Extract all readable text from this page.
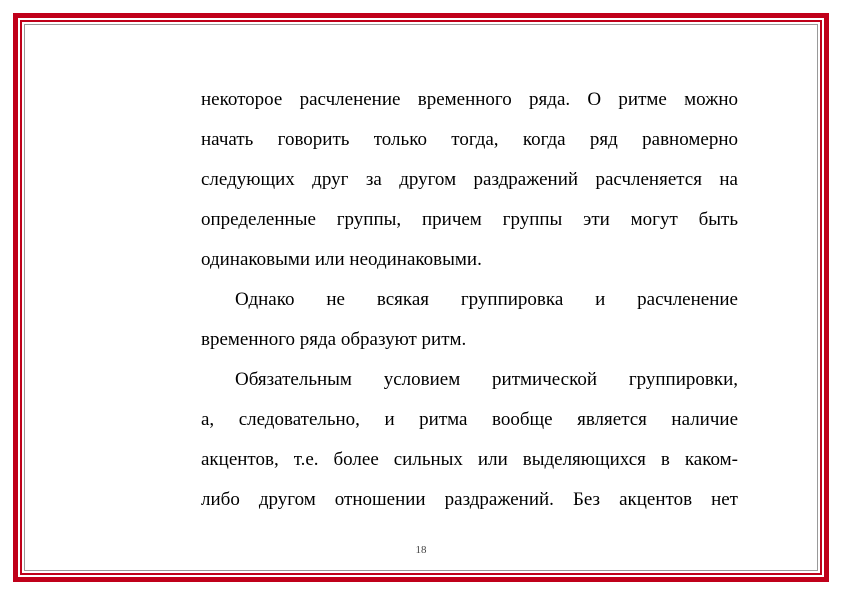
некоторое расчленение временного ряда. О ритме можно
начать говорить только тогда, когда ряд равномерно
следующих друг за другом раздражений расчленяется на
определенные группы, причем группы эти могут быть
одинаковыми или неодинаковыми.
Однако не всякая группировка и расчленение
временного ряда образуют ритм.
Обязательным условием ритмической группировки,
а, следовательно, и ритма вообще является наличие
акцентов, т.е. более сильных или выделяющихся в каком-
либо другом отношении раздражений. Без акцентов нет
18
